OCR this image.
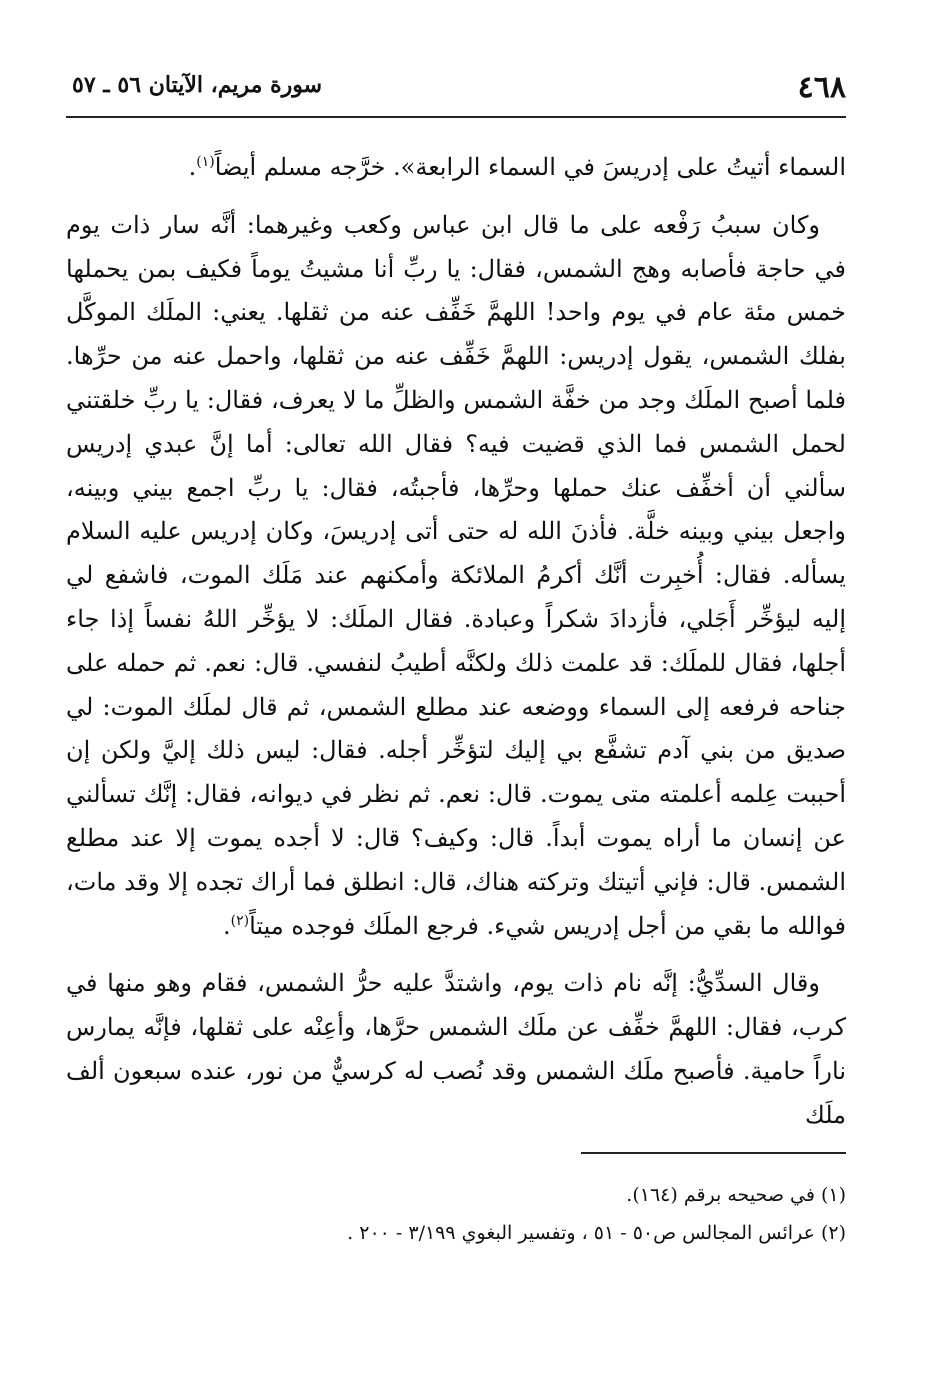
٤٦٨
سورة مريم، الآيتان ٥٦ ـ ٥٧

السماء أتيتُ على إدريسَ في السماء الرابعة». خرَّجه مسلم أيضاً$^{(١)}$.

وكان سببُ رَفْعه على ما قال ابن عباس وكعب وغيرهما: أنَّه سار ذات يوم في حاجة فأصابه وهج الشمس، فقال: يا ربِّ أنا مشيتُ يوماً فكيف بمن يحملها خمس مئة عام في يوم واحد! اللهمَّ خَفِّف عنه من ثقلها. يعني: الملَك الموكَّل بفلك الشمس، يقول إدريس: اللهمَّ خَفِّف عنه من ثقلها، واحمل عنه من حرِّها. فلما أصبح الملَك وجد من خفَّة الشمس والظلِّ ما لا يعرف، فقال: يا ربِّ خلقتني لحمل الشمس فما الذي قضيت فيه؟ فقال الله تعالى: أما إنَّ عبدي إدريس سألني أن أخفِّف عنك حملها وحرِّها، فأجبتُه، فقال: يا ربِّ اجمع بيني وبينه، واجعل بيني وبينه خلَّة. فأذنَ الله له حتى أتى إدريسَ، وكان إدريس عليه السلام يسأله. فقال: أُخبِرت أنَّك أكرمُ الملائكة وأمكنهم عند مَلَك الموت، فاشفع لي إليه ليؤخِّر أَجَلي، فأزدادَ شكراً وعبادة. فقال الملَك: لا يؤخِّر اللهُ نفساً إذا جاء أجلها، فقال للملَك: قد علمت ذلك ولكنَّه أطيبُ لنفسي. قال: نعم. ثم حمله على جناحه فرفعه إلى السماء ووضعه عند مطلع الشمس، ثم قال لملَك الموت: لي صديق من بني آدم تشفَّع بي إليك لتؤخِّر أجله. فقال: ليس ذلك إليَّ ولكن إن أحببت عِلمه أعلمته متى يموت. قال: نعم. ثم نظر في ديوانه، فقال: إنَّك تسألني عن إنسان ما أراه يموت أبداً. قال: وكيف؟ قال: لا أجده يموت إلا عند مطلع الشمس. قال: فإني أتيتك وتركته هناك، قال: انطلق فما أراك تجده إلا وقد مات، فوالله ما بقي من أجل إدريس شيء. فرجع الملَك فوجده ميتاً$^{(٢)}$.

وقال السدِّيُّ: إنَّه نام ذات يوم، واشتدَّ عليه حرُّ الشمس، فقام وهو منها في كرب، فقال: اللهمَّ خفِّف عن ملَك الشمس حرَّها، وأعِنْه على ثقلها، فإنَّه يمارس ناراً حامية. فأصبح ملَك الشمس وقد نُصب له كرسيٌّ من نور، عنده سبعون ألف ملَك

(١) في صحيحه برقم (١٦٤).
(٢) عرائس المجالس ص٥٠ - ٥١ ، وتفسير البغوي ٣/١٩٩ - ٢٠٠ .
